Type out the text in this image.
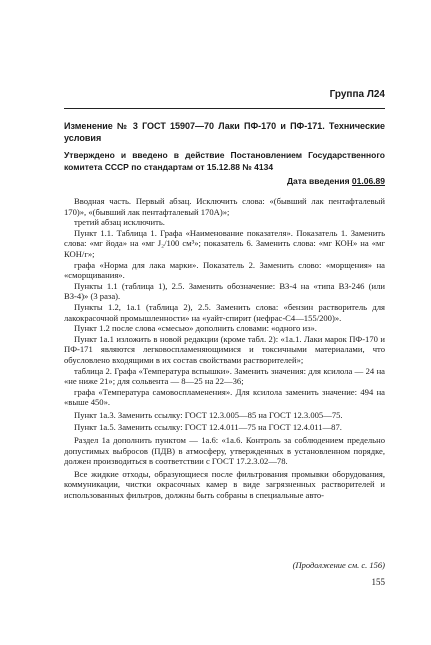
Группа Л24
Изменение № 3 ГОСТ 15907—70 Лаки ПФ-170 и ПФ-171. Технические условия
Утверждено и введено в действие Постановлением Государственного комитета СССР по стандартам от 15.12.88 № 4134
Дата введения 01.06.89

Вводная часть. Первый абзац. Исключить слова: «(бывший лак пентафталевый 170)», «(бывший лак пентафталевый 170А)»;

третий абзац исключить.

Пункт 1.1. Таблица 1. Графа «Наименование показателя». Показатель 1. Заменить слова: «мг йода» на «мг J₂/100 см³»; показатель 6. Заменить слова: «мг КОН» на «мг КОН/г»;

графа «Норма для лака марки». Показатель 2. Заменить слово: «морщения» на «сморщивания».

Пункты 1.1 (таблица 1), 2.5. Заменить обозначение: ВЗ-4 на «типа ВЗ-246 (или ВЗ-4)» (3 раза).

Пункты 1.2, 1а.1 (таблица 2), 2.5. Заменить слова: «бензин растворитель для лакокрасочной промышленности» на «уайт-спирит (нефрас-С4—155/200)».

Пункт 1.2 после слова «смесью» дополнить словами: «одного из».

Пункт 1а.1 изложить в новой редакции (кроме табл. 2): «1а.1. Лаки марок ПФ-170 и ПФ-171 являются легковоспламеняющимися и токсичными материалами, что обусловлено входящими в их состав свойствами растворителей»;

таблица 2. Графа «Температура вспышки». Заменить значения: для ксилола — 24 на «не ниже 21»; для сольвента — 8—25 на 22—36;

графа «Температура самовоспламенения». Для ксилола заменить значение: 494 на «выше 450».

Пункт 1а.3. Заменить ссылку: ГОСТ 12.3.005—85 на ГОСТ 12.3.005—75.

Пункт 1а.5. Заменить ссылку: ГОСТ 12.4.011—75 на ГОСТ 12.4.011—87.

Раздел 1а дополнить пунктом — 1а.6: «1а.6. Контроль за соблюдением предельно допустимых выбросов (ПДВ) в атмосферу, утвержденных в установленном порядке, должен производиться в соответствии с ГОСТ 17.2.3.02—78.

Все жидкие отходы, образующиеся после фильтрования промывки оборудования, коммуникации, чистки окрасочных камер в виде загрязненных растворителей и использованных фильтров, должны быть собраны в специальные авто-

(Продолжение см. с. 156)
155
